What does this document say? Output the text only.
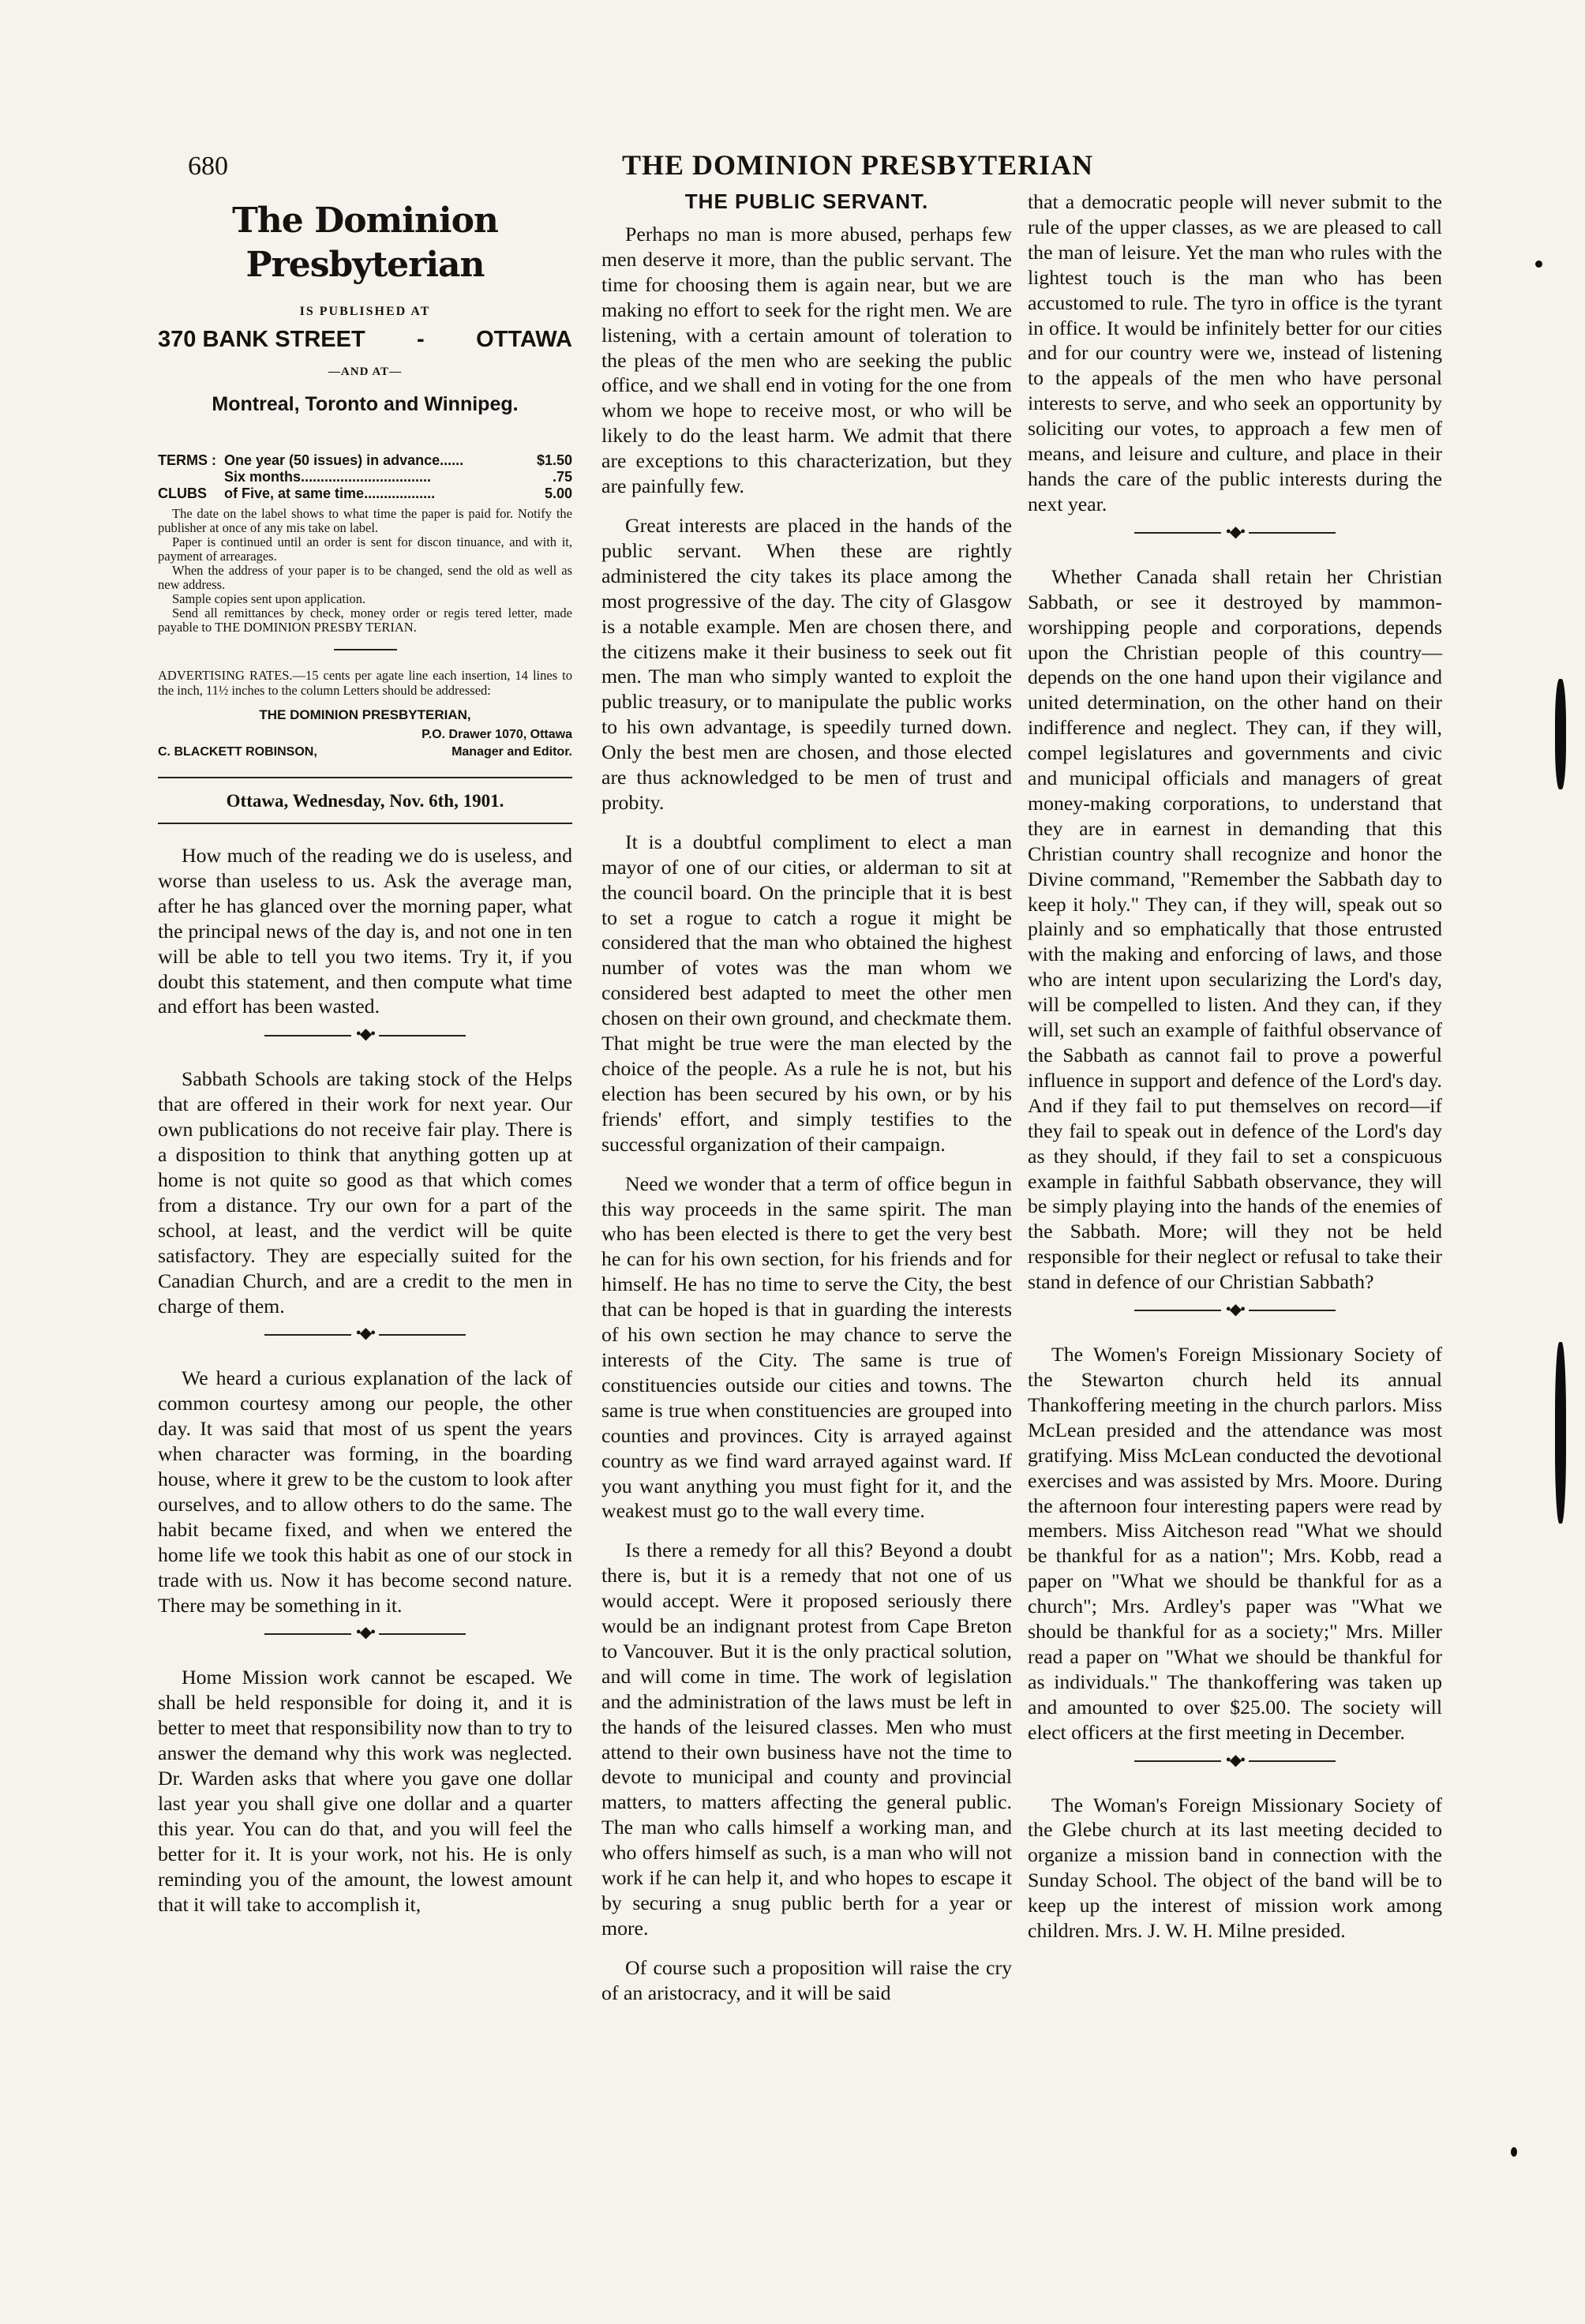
680	THE DOMINION PRESBYTERIAN
The Dominion Presbyterian
IS PUBLISHED AT
370 BANK STREET - OTTAWA
—AND AT—
Montreal, Toronto and Winnipeg.
TERMS : One year (50 issues) in advance......	$1.50
Six months.................................	.75
CLUBS	of Five, at same time..................	5.00
The date on the label shows to what time the paper is paid for. Notify the publisher at once of any mis take on label.
Paper is continued until an order is sent for discon tinuance, and with it, payment of arrearages.
When the address of your paper is to be changed, send the old as well as new address.
Sample copies sent upon application.
Send all remittances by check, money order or regis tered letter, made payable to THE DOMINION PRESBY TERIAN.
ADVERTISING RATES.—15 cents per agate line each insertion, 14 lines to the inch, 11½ inches to the column Letters should be addressed:
THE DOMINION PRESBYTERIAN,
P.O. Drawer 1070, Ottawa
C. BLACKETT ROBINSON,	Manager and Editor.
Ottawa, Wednesday, Nov. 6th, 1901.

How much of the reading we do is useless, and worse than useless to us. Ask the average man, after he has glanced over the morning paper, what the principal news of the day is, and not one in ten will be able to tell you two items. Try it, if you doubt this statement, and then compute what time and effort has been wasted.

•◆•

Sabbath Schools are taking stock of the Helps that are offered in their work for next year. Our own publications do not receive fair play. There is a disposition to think that anything gotten up at home is not quite so good as that which comes from a distance. Try our own for a part of the school, at least, and the verdict will be quite satisfactory. They are especially suited for the Canadian Church, and are a credit to the men in charge of them.

•◆•

We heard a curious explanation of the lack of common courtesy among our people, the other day. It was said that most of us spent the years when character was forming, in the boarding house, where it grew to be the custom to look after ourselves, and to allow others to do the same. The habit became fixed, and when we entered the home life we took this habit as one of our stock in trade with us. Now it has become second nature. There may be something in it.

•◆•

Home Mission work cannot be escaped. We shall be held responsible for doing it, and it is better to meet that responsibility now than to try to answer the demand why this work was neglected. Dr. Warden asks that where you gave one dollar last year you shall give one dollar and a quarter this year. You can do that, and you will feel the better for it. It is your work, not his. He is only reminding you of the amount, the lowest amount that it will take to accomplish it,

THE PUBLIC SERVANT.

Perhaps no man is more abused, perhaps few men deserve it more, than the public servant. The time for choosing them is again near, but we are making no effort to seek for the right men. We are listening, with a certain amount of toleration to the pleas of the men who are seeking the public office, and we shall end in voting for the one from whom we hope to receive most, or who will be likely to do the least harm. We admit that there are exceptions to this characterization, but they are painfully few.

Great interests are placed in the hands of the public servant. When these are rightly administered the city takes its place among the most progressive of the day. The city of Glasgow is a notable example. Men are chosen there, and the citizens make it their business to seek out fit men. The man who simply wanted to exploit the public treasury, or to manipulate the public works to his own advantage, is speedily turned down. Only the best men are chosen, and those elected are thus acknowledged to be men of trust and probity.

It is a doubtful compliment to elect a man mayor of one of our cities, or alderman to sit at the council board. On the principle that it is best to set a rogue to catch a rogue it might be considered that the man who obtained the highest number of votes was the man whom we considered best adapted to meet the other men chosen on their own ground, and checkmate them. That might be true were the man elected by the choice of the people. As a rule he is not, but his election has been secured by his own, or by his friends' effort, and simply testifies to the successful organization of their campaign.

Need we wonder that a term of office begun in this way proceeds in the same spirit. The man who has been elected is there to get the very best he can for his own section, for his friends and for himself. He has no time to serve the City, the best that can be hoped is that in guarding the interests of his own section he may chance to serve the interests of the City. The same is true of constituencies outside our cities and towns. The same is true when constituencies are grouped into counties and provinces. City is arrayed against country as we find ward arrayed against ward. If you want anything you must fight for it, and the weakest must go to the wall every time.

Is there a remedy for all this? Beyond a doubt there is, but it is a remedy that not one of us would accept. Were it proposed seriously there would be an indignant protest from Cape Breton to Vancouver. But it is the only practical solution, and will come in time. The work of legislation and the administration of the laws must be left in the hands of the leisured classes. Men who must attend to their own business have not the time to devote to municipal and county and provincial matters, to matters affecting the general public. The man who calls himself a working man, and who offers himself as such, is a man who will not work if he can help it, and who hopes to escape it by securing a snug public berth for a year or more.

Of course such a proposition will raise the cry of an aristocracy, and it will be said

that a democratic people will never submit to the rule of the upper classes, as we are pleased to call the man of leisure. Yet the man who rules with the lightest touch is the man who has been accustomed to rule. The tyro in office is the tyrant in office. It would be infinitely better for our cities and for our country were we, instead of listening to the appeals of the men who have personal interests to serve, and who seek an opportunity by soliciting our votes, to approach a few men of means, and leisure and culture, and place in their hands the care of the public interests during the next year.

•◆•

Whether Canada shall retain her Christian Sabbath, or see it destroyed by mammon-worshipping people and corporations, depends upon the Christian people of this country—depends on the one hand upon their vigilance and united determination, on the other hand on their indifference and neglect. They can, if they will, compel legislatures and governments and civic and municipal officials and managers of great money-making corporations, to understand that they are in earnest in demanding that this Christian country shall recognize and honor the Divine command, "Remember the Sabbath day to keep it holy." They can, if they will, speak out so plainly and so emphatically that those entrusted with the making and enforcing of laws, and those who are intent upon secularizing the Lord's day, will be compelled to listen. And they can, if they will, set such an example of faithful observance of the Sabbath as cannot fail to prove a powerful influence in support and defence of the Lord's day. And if they fail to put themselves on record—if they fail to speak out in defence of the Lord's day as they should, if they fail to set a conspicuous example in faithful Sabbath observance, they will be simply playing into the hands of the enemies of the Sabbath. More; will they not be held responsible for their neglect or refusal to take their stand in defence of our Christian Sabbath?

•◆•

The Women's Foreign Missionary Society of the Stewarton church held its annual Thankoffering meeting in the church parlors. Miss McLean presided and the attendance was most gratifying. Miss McLean conducted the devotional exercises and was assisted by Mrs. Moore. During the afternoon four interesting papers were read by members. Miss Aitcheson read "What we should be thankful for as a nation"; Mrs. Kobb, read a paper on "What we should be thankful for as a church"; Mrs. Ardley's paper was "What we should be thankful for as a society;" Mrs. Miller read a paper on "What we should be thankful for as individuals." The thankoffering was taken up and amounted to over $25.00. The society will elect officers at the first meeting in December.

•◆•

The Woman's Foreign Missionary Society of the Glebe church at its last meeting decided to organize a mission band in connection with the Sunday School. The object of the band will be to keep up the interest of mission work among children. Mrs. J. W. H. Milne presided.
